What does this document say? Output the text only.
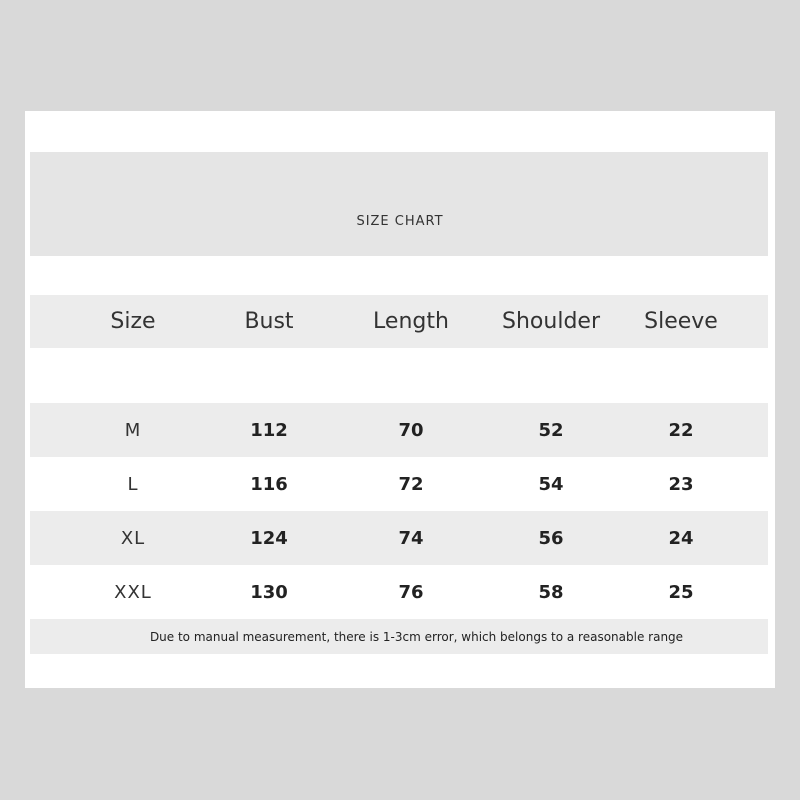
SIZE CHART
Size	Bust	Length	Shoulder	Sleeve
M	112	70	52	22
L	116	72	54	23
XL	124	74	56	24
XXL	130	76	58	25
Due to manual measurement, there is 1-3cm error, which belongs to a reasonable range
